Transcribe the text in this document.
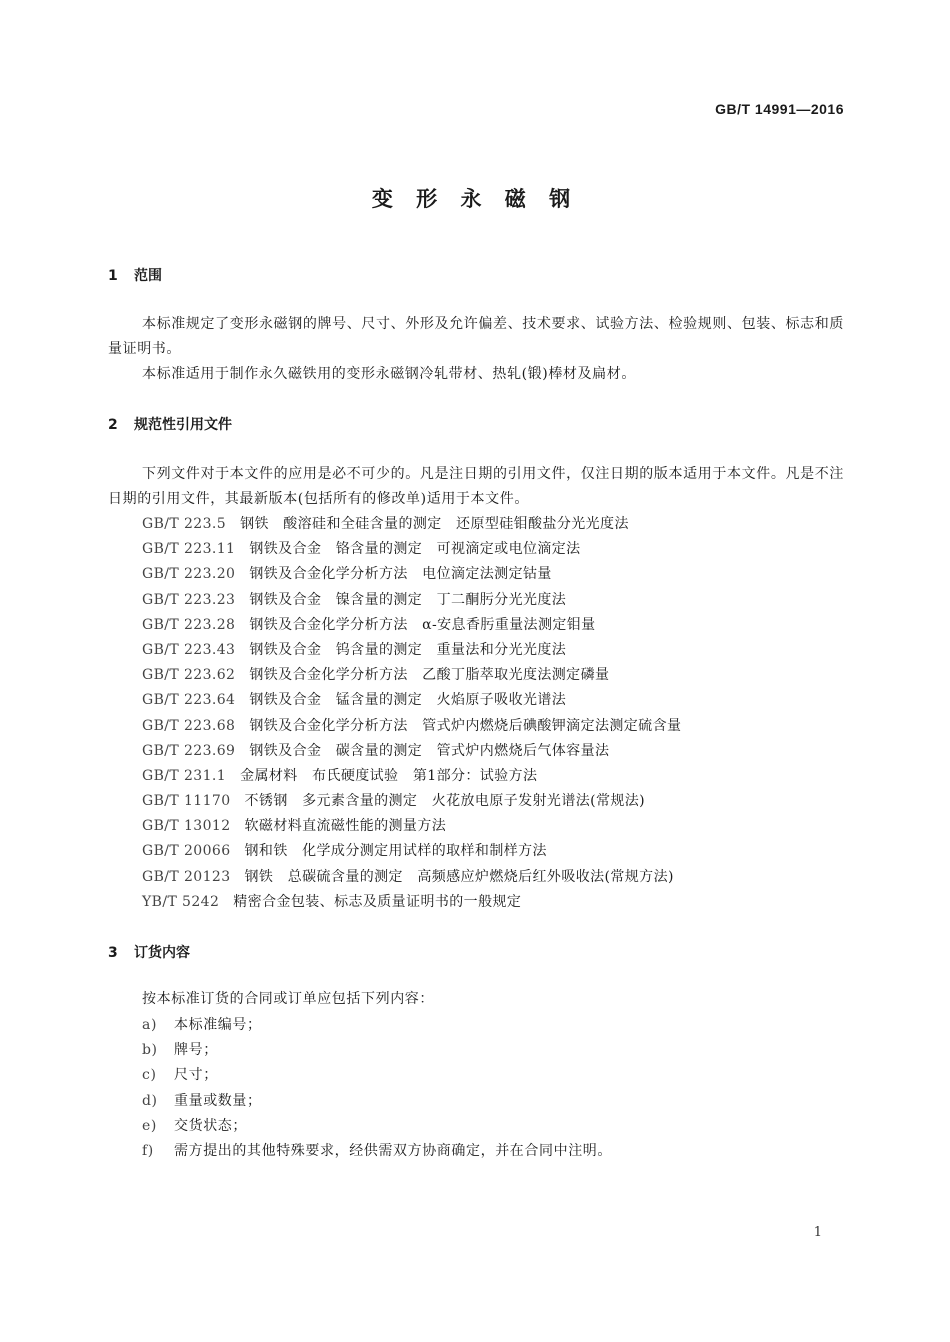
GB/T 14991—2016
变 形 永 磁 钢
1 范围
本标准规定了变形永磁钢的牌号、尺寸、外形及允许偏差、技术要求、试验方法、检验规则、包装、标志和质量证明书。
本标准适用于制作永久磁铁用的变形永磁钢冷轧带材、热轧(锻)棒材及扁材。
2 规范性引用文件
下列文件对于本文件的应用是必不可少的。凡是注日期的引用文件，仅注日期的版本适用于本文件。凡是不注日期的引用文件，其最新版本(包括所有的修改单)适用于本文件。
GB/T 223.5 钢铁　酸溶硅和全硅含量的测定　还原型硅钼酸盐分光光度法
GB/T 223.11 钢铁及合金　铬含量的测定　可视滴定或电位滴定法
GB/T 223.20 钢铁及合金化学分析方法　电位滴定法测定钴量
GB/T 223.23 钢铁及合金　镍含量的测定　丁二酮肟分光光度法
GB/T 223.28 钢铁及合金化学分析方法　α-安息香肟重量法测定钼量
GB/T 223.43 钢铁及合金　钨含量的测定　重量法和分光光度法
GB/T 223.62 钢铁及合金化学分析方法　乙酸丁脂萃取光度法测定磷量
GB/T 223.64 钢铁及合金　锰含量的测定　火焰原子吸收光谱法
GB/T 223.68 钢铁及合金化学分析方法　管式炉内燃烧后碘酸钾滴定法测定硫含量
GB/T 223.69 钢铁及合金　碳含量的测定　管式炉内燃烧后气体容量法
GB/T 231.1 金属材料　布氏硬度试验　第1部分：试验方法
GB/T 11170 不锈钢　多元素含量的测定　火花放电原子发射光谱法(常规法)
GB/T 13012 软磁材料直流磁性能的测量方法
GB/T 20066 钢和铁　化学成分测定用试样的取样和制样方法
GB/T 20123 钢铁　总碳硫含量的测定　高频感应炉燃烧后红外吸收法(常规方法)
YB/T 5242 精密合金包装、标志及质量证明书的一般规定
3 订货内容
按本标准订货的合同或订单应包括下列内容：
a) 本标准编号；
b) 牌号；
c) 尺寸；
d) 重量或数量；
e) 交货状态；
f) 需方提出的其他特殊要求，经供需双方协商确定，并在合同中注明。
1
